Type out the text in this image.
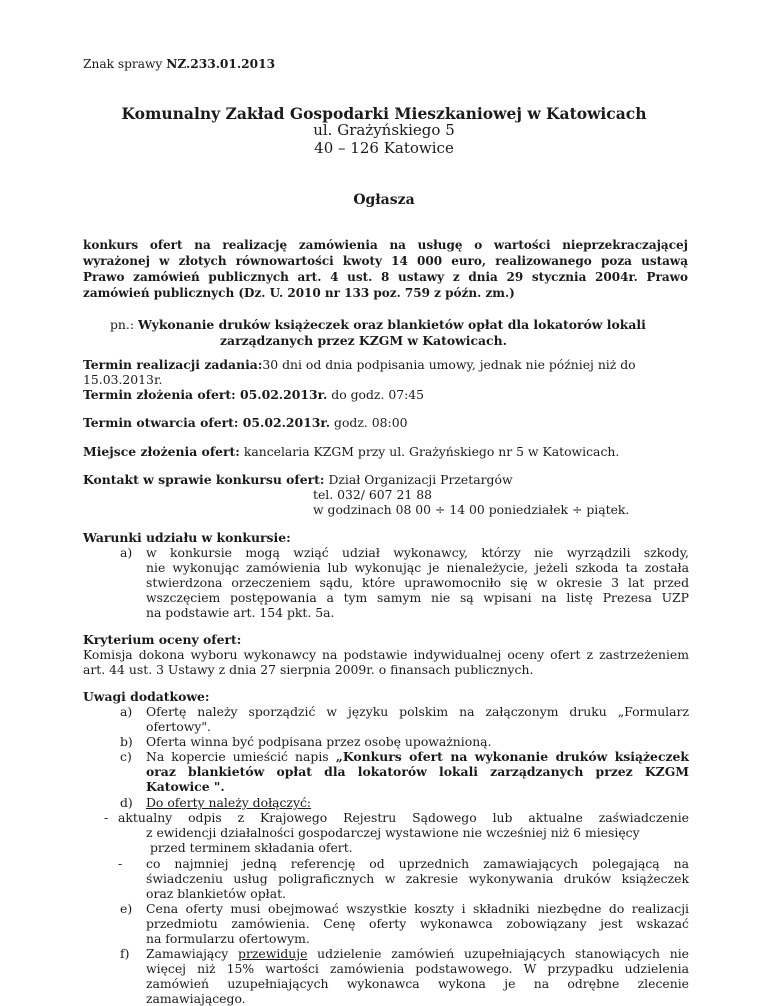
Znak sprawy NZ.233.01.2013
Komunalny Zakład Gospodarki Mieszkaniowej w Katowicach
ul. Grażyńskiego 5
40 – 126 Katowice
Ogłasza
konkurs ofert na realizację zamówienia na usługę o wartości nieprzekraczającej
wyrażonej w złotych równowartości kwoty 14 000 euro, realizowanego poza ustawą
Prawo zamówień publicznych art. 4 ust. 8 ustawy z dnia 29 stycznia 2004r. Prawo
zamówień publicznych (Dz. U. 2010 nr 133 poz. 759 z późn. zm.)
pn.: Wykonanie druków książeczek oraz blankietów opłat dla lokatorów lokali
zarządzanych przez KZGM w Katowicach.
Termin realizacji zadania:30 dni od dnia podpisania umowy, jednak nie później niż do
15.03.2013r.
Termin złożenia ofert: 05.02.2013r. do godz. 07:45
Termin otwarcia ofert: 05.02.2013r. godz. 08:00
Miejsce złożenia ofert: kancelaria KZGM przy ul. Grażyńskiego nr 5 w Katowicach.
Kontakt w sprawie konkursu ofert: Dział Organizacji Przetargów
tel. 032/ 607 21 88
w godzinach 08 00 ÷ 14 00 poniedziałek ÷ piątek.
Warunki udziału w konkursie:
a) w konkursie mogą wziąć udział wykonawcy, którzy nie wyrządzili szkody,
nie wykonując zamówienia lub wykonując je nienależycie, jeżeli szkoda ta została
stwierdzona orzeczeniem sądu, które uprawomocniło się w okresie 3 lat przed
wszczęciem postępowania a tym samym nie są wpisani na listę Prezesa UZP
na podstawie art. 154 pkt. 5a.
Kryterium oceny ofert:
Komisja dokona wyboru wykonawcy na podstawie indywidualnej oceny ofert z zastrzeżeniem
art. 44 ust. 3 Ustawy z dnia 27 sierpnia 2009r. o finansach publicznych.
Uwagi dodatkowe:
a) Ofertę należy sporządzić w języku polskim na załączonym druku „Formularz
ofertowy".
b) Oferta winna być podpisana przez osobę upoważnioną.
c) Na kopercie umieścić napis „Konkurs ofert na wykonanie druków książeczek
oraz blankietów opłat dla lokatorów lokali zarządzanych przez KZGM
Katowice ".
d) Do oferty należy dołączyć:
- aktualny odpis z Krajowego Rejestru Sądowego lub aktualne zaświadczenie
z ewidencji działalności gospodarczej wystawione nie wcześniej niż 6 miesięcy
przed terminem składania ofert.
- co najmniej jedną referencję od uprzednich zamawiających polegającą na
świadczeniu usług poligraficznych w zakresie wykonywania druków książeczek
oraz blankietów opłat.
e) Cena oferty musi obejmować wszystkie koszty i składniki niezbędne do realizacji
przedmiotu zamówienia. Cenę oferty wykonawca zobowiązany jest wskazać
na formularzu ofertowym.
f) Zamawiający przewiduje udzielenie zamówień uzupełniających stanowiących nie
więcej niż 15% wartości zamówienia podstawowego. W przypadku udzielenia
zamówień uzupełniających wykonawca wykona je na odrębne zlecenie
zamawiającego.
